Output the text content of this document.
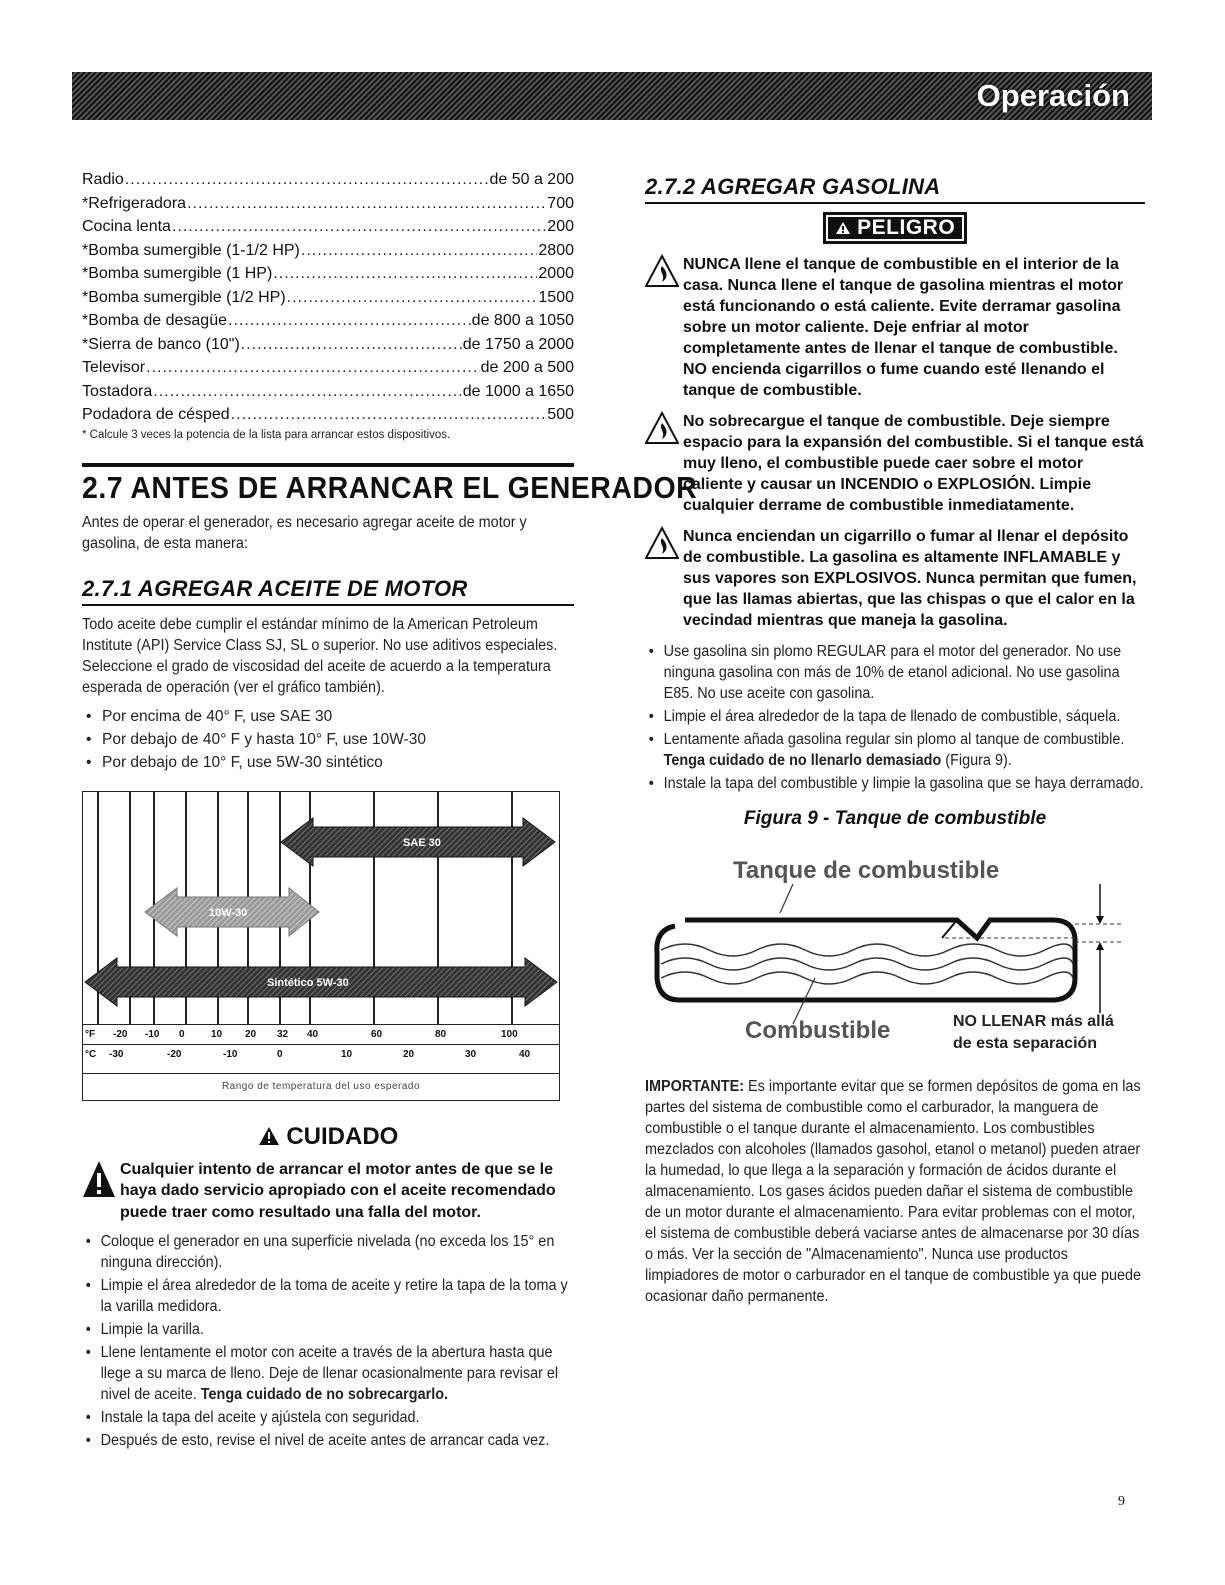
Operación
Radio .....	de 50 a 200
*Refrigeradora .....	700
Cocina lenta .....	200
*Bomba sumergible (1-1/2 HP) .....	2800
*Bomba sumergible (1 HP) .....	2000
*Bomba sumergible (1/2 HP) .....	1500
*Bomba de desagüe .....	de 800 a 1050
*Sierra de banco (10") .....	de 1750 a 2000
Televisor .....	de 200 a 500
Tostadora .....	de 1000 a 1650
Podadora de césped .....	500
* Calcule 3 veces la potencia de la lista para arrancar estos dispositivos.
2.7 ANTES DE ARRANCAR EL GENERADOR
Antes de operar el generador, es necesario agregar aceite de motor y gasolina, de esta manera:
2.7.1 AGREGAR ACEITE DE MOTOR
Todo aceite debe cumplir el estándar mínimo de la American Petroleum Institute (API) Service Class SJ, SL o superior. No use aditivos especiales. Seleccione el grado de viscosidad del aceite de acuerdo a la temperatura esperada de operación (ver el gráfico también).
• Por encima de 40° F, use SAE 30
• Por debajo de 40° F y hasta 10° F, use 10W-30
• Por debajo de 10° F, use 5W-30 sintético
SAE 30
10W-30
Sintético 5W-30
°F -20 -10 0	10 20 32 40	60	80	100
°C -30	-20	-10	0	10	20	30	40
Rango de temperatura del uso esperado
CUIDADO
Cualquier intento de arrancar el motor antes de que se le haya dado servicio apropiado con el aceite recomendado puede traer como resultado una falla del motor.
• Coloque el generador en una superficie nivelada (no exceda los 15° en ninguna dirección).
• Limpie el área alrededor de la toma de aceite y retire la tapa de la toma y la varilla medidora.
• Limpie la varilla.
• Llene lentamente el motor con aceite a través de la abertura hasta que llege a su marca de lleno. Deje de llenar ocasionalmente para revisar el nivel de aceite. Tenga cuidado de no sobrecargarlo.
• Instale la tapa del aceite y ajústela con seguridad.
• Después de esto, revise el nivel de aceite antes de arrancar cada vez.
2.7.2 AGREGAR GASOLINA
PELIGRO
NUNCA llene el tanque de combustible en el interior de la casa. Nunca llene el tanque de gasolina mientras el motor está funcionando o está caliente. Evite derramar gasolina sobre un motor caliente. Deje enfriar al motor completamente antes de llenar el tanque de combustible. NO encienda cigarrillos o fume cuando esté llenando el tanque de combustible.
No sobrecargue el tanque de combustible. Deje siempre espacio para la expansión del combustible. Si el tanque está muy lleno, el combustible puede caer sobre el motor caliente y causar un INCENDIO o EXPLOSIÓN. Limpie cualquier derrame de combustible inmediatamente.
Nunca enciendan un cigarrillo o fumar al llenar el depósito de combustible. La gasolina es altamente INFLAMABLE y sus vapores son EXPLOSIVOS. Nunca permitan que fumen, que las llamas abiertas, que las chispas o que el calor en la vecindad mientras que maneja la gasolina.
• Use gasolina sin plomo REGULAR para el motor del generador. No use ninguna gasolina con más de 10% de etanol adicional. No use gasolina E85. No use aceite con gasolina.
• Limpie el área alrededor de la tapa de llenado de combustible, sáquela.
• Lentamente añada gasolina regular sin plomo al tanque de combustible. Tenga cuidado de no llenarlo demasiado (Figura 9).
• Instale la tapa del combustible y limpie la gasolina que se haya derramado.
Figura 9 - Tanque de combustible
Tanque de combustible
Combustible	NO LLENAR más allá
de esta separación
IMPORTANTE: Es importante evitar que se formen depósitos de goma en las partes del sistema de combustible como el carburador, la manguera de combustible o el tanque durante el almacenamiento. Los combustibles mezclados con alcoholes (llamados gasohol, etanol o metanol) pueden atraer la humedad, lo que llega a la separación y formación de ácidos durante el almacenamiento. Los gases ácidos pueden dañar el sistema de combustible de un motor durante el almacenamiento. Para evitar problemas con el motor, el sistema de combustible deberá vaciarse antes de almacenarse por 30 días o más. Ver la sección de "Almacenamiento". Nunca use productos limpiadores de motor o carburador en el tanque de combustible ya que puede ocasionar daño permanente.
9
